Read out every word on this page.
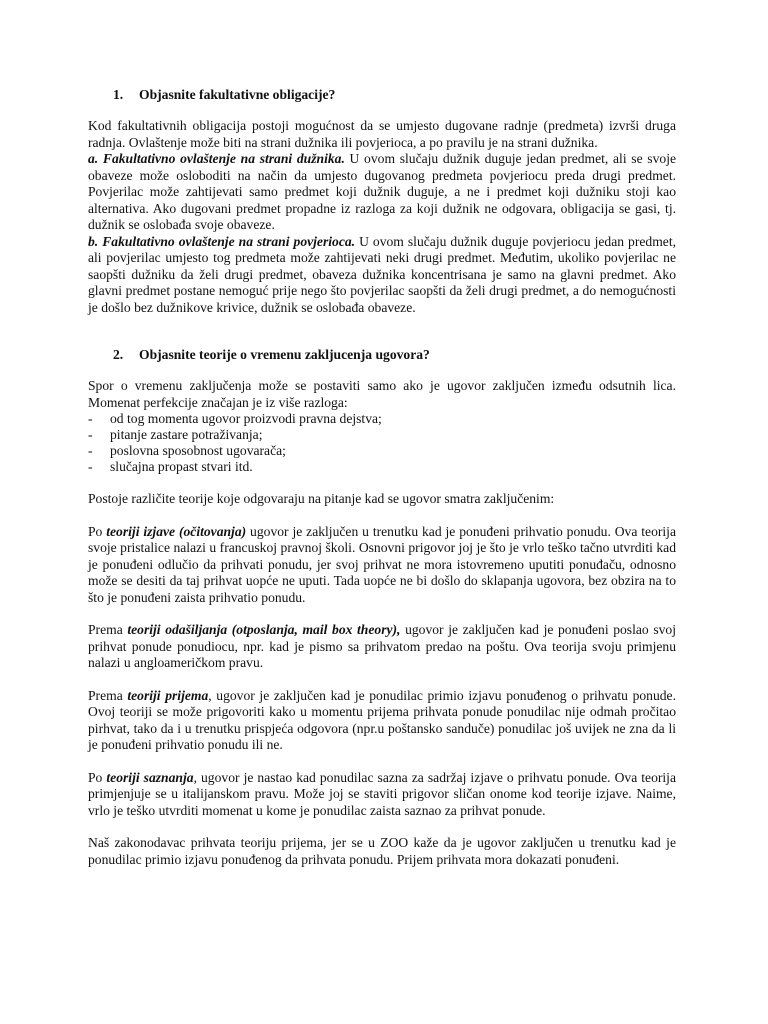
1. Objasnite fakultativne obligacije?

Kod fakultativnih obligacija postoji mogućnost da se umjesto dugovane radnje (predmeta) izvrši druga radnja. Ovlaštenje može biti na strani dužnika ili povjerioca, a po pravilu je na strani dužnika.

a. Fakultativno ovlaštenje na strani dužnika. U ovom slučaju dužnik duguje jedan predmet, ali se svoje obaveze može osloboditi na način da umjesto dugovanog predmeta povjeriocu preda drugi predmet. Povjerilac može zahtijevati samo predmet koji dužnik duguje, a ne i predmet koji dužniku stoji kao alternativa. Ako dugovani predmet propadne iz razloga za koji dužnik ne odgovara, obligacija se gasi, tj. dužnik se oslobađa svoje obaveze.

b. Fakultativno ovlaštenje na strani povjerioca. U ovom slučaju dužnik duguje povjeriocu jedan predmet, ali povjerilac umjesto tog predmeta može zahtijevati neki drugi predmet. Međutim, ukoliko povjerilac ne saopšti dužniku da želi drugi predmet, obaveza dužnika koncentrisana je samo na glavni predmet. Ako glavni predmet postane nemoguć prije nego što povjerilac saopšti da želi drugi predmet, a do nemogućnosti je došlo bez dužnikove krivice, dužnik se oslobađa obaveze.

2. Objasnite teorije o vremenu zaklјucenja ugovora?

Spor o vremenu zaključenja može se postaviti samo ako je ugovor zaključen između odsutnih lica. Momenat perfekcije značajan je iz više razloga:

- od tog momenta ugovor proizvodi pravna dejstva;
- pitanje zastare potraživanja;
- poslovna sposobnost ugovarača;
- slučajna propast stvari itd.

Postoje različite teorije koje odgovaraju na pitanje kad se ugovor smatra zaključenim:

Po teoriji izjave (očitovanja) ugovor je zaključen u trenutku kad je ponuđeni prihvatio ponudu. Ova teorija svoje pristalice nalazi u francuskoj pravnoj školi. Osnovni prigovor joj je što je vrlo teško tačno utvrditi kad je ponuđeni odlučio da prihvati ponudu, jer svoj prihvat ne mora istovremeno uputiti ponuđaču, odnosno može se desiti da taj prihvat uopće ne uputi. Tada uopće ne bi došlo do sklapanja ugovora, bez obzira na to što je ponuđeni zaista prihvatio ponudu.

Prema teoriji odašiljanja (otposlanja, mail box theory), ugovor je zaključen kad je ponuđeni poslao svoj prihvat ponude ponudiocu, npr. kad je pismo sa prihvatom predao na poštu. Ova teorija svoju primjenu nalazi u angloameričkom pravu.

Prema teoriji prijema, ugovor je zaključen kad je ponudilac primio izjavu ponuđenog o prihvatu ponude. Ovoj teoriji se može prigovoriti kako u momentu prijema prihvata ponude ponudilac nije odmah pročitao pirhvat, tako da i u trenutku prispjeća odgovora (npr.u poštansko sandučе) ponudilac još uvijek ne zna da li je ponuđeni prihvatio ponudu ili ne.

Po teoriji saznanja, ugovor je nastao kad ponudilac sazna za sadržaj izjave o prihvatu ponude. Ova teorija primjenjuje se u italijanskom pravu. Može joj se staviti prigovor sličan onome kod teorije izjave. Naime, vrlo je teško utvrditi momenat u kome je ponudilac zaista saznao za prihvat ponude.

Naš zakonodavac prihvata teoriju prijema, jer se u ZOO kaže da je ugovor zaključen u trenutku kad je ponudilac primio izjavu ponuđenog da prihvata ponudu. Prijem prihvata mora dokazati ponuđeni.
